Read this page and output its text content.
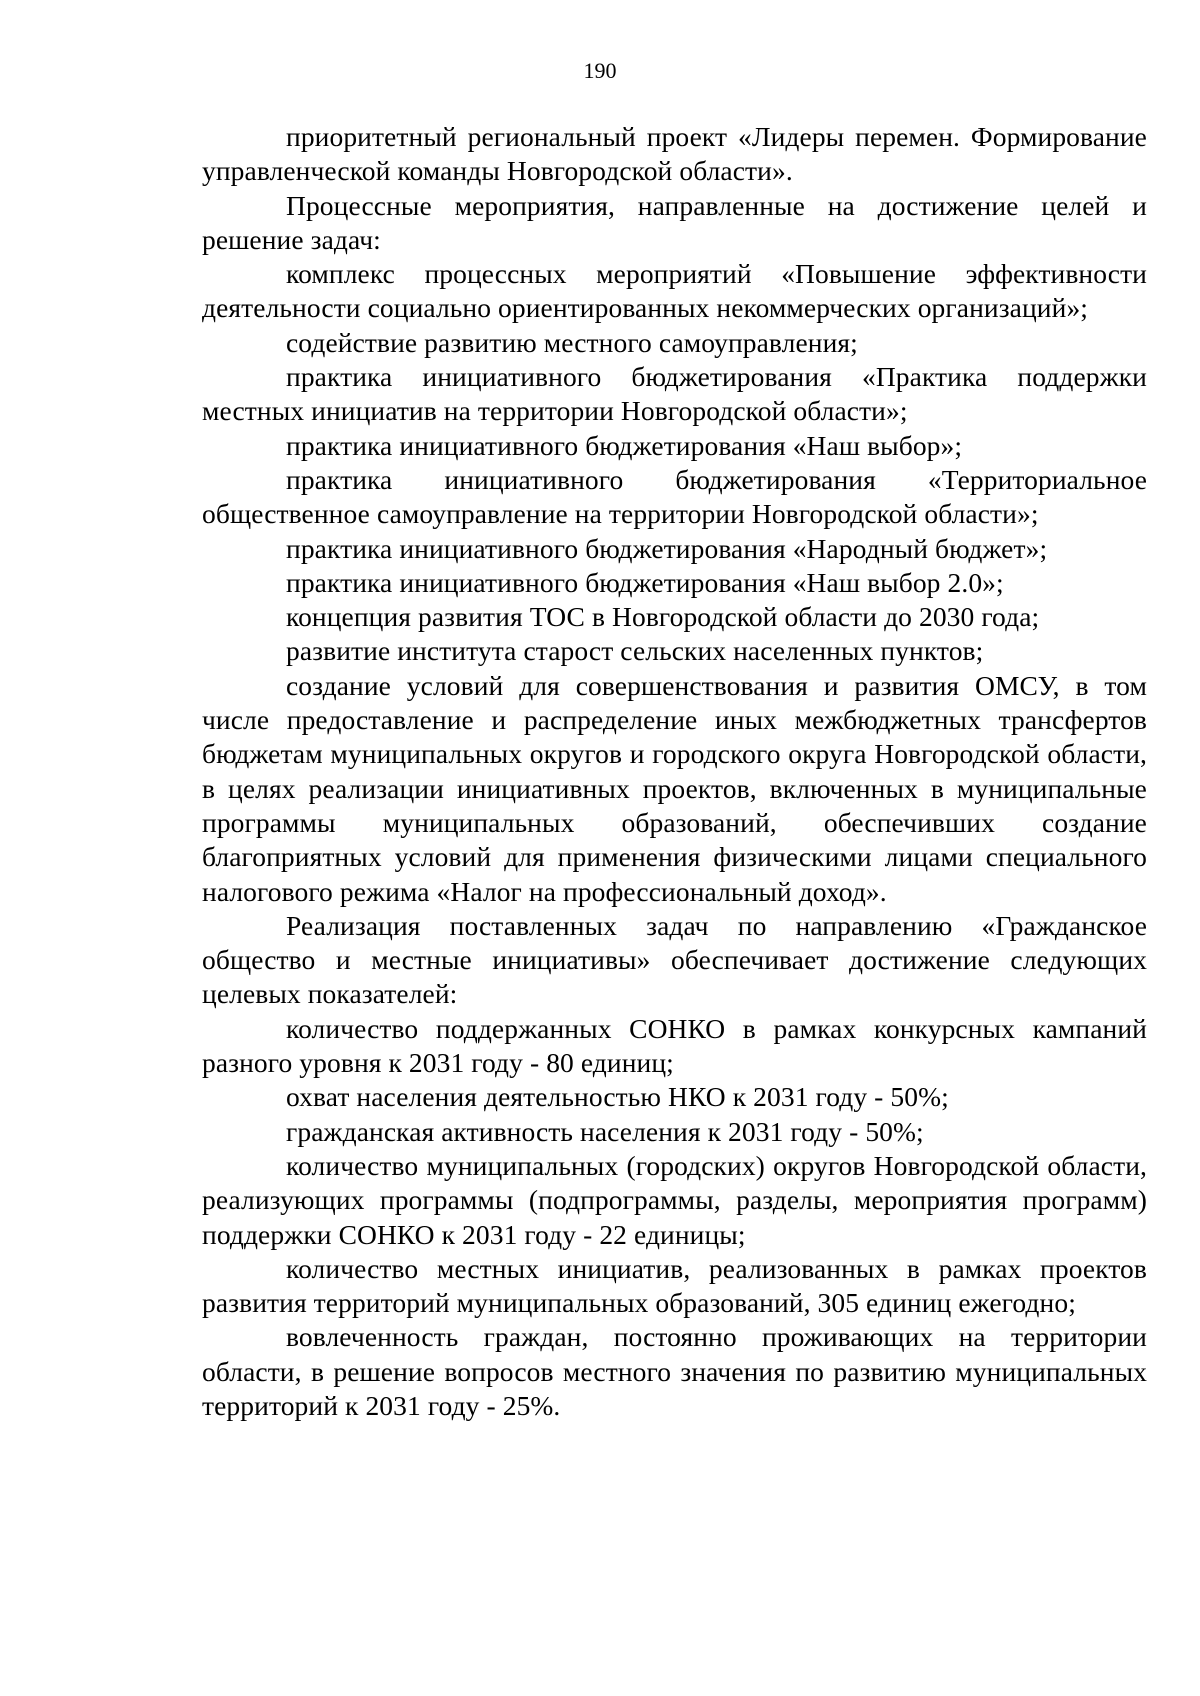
190

приоритетный региональный проект «Лидеры перемен. Формирование управленческой команды Новгородской области».

Процессные мероприятия, направленные на достижение целей и решение задач:

комплекс процессных мероприятий «Повышение эффективности деятельности социально ориентированных некоммерческих организаций»;

содействие развитию местного самоуправления;

практика инициативного бюджетирования «Практика поддержки местных инициатив на территории Новгородской области»;

практика инициативного бюджетирования «Наш выбор»;

практика инициативного бюджетирования «Территориальное общественное самоуправление на территории Новгородской области»;

практика инициативного бюджетирования «Народный бюджет»;

практика инициативного бюджетирования «Наш выбор 2.0»;

концепция развития ТОС в Новгородской области до 2030 года;

развитие института старост сельских населенных пунктов;

создание условий для совершенствования и развития ОМСУ, в том числе предоставление и распределение иных межбюджетных трансфертов бюджетам муниципальных округов и городского округа Новгородской области, в целях реализации инициативных проектов, включенных в муниципальные программы муниципальных образований, обеспечивших создание благоприятных условий для применения физическими лицами специального налогового режима «Налог на профессиональный доход».

Реализация поставленных задач по направлению «Гражданское общество и местные инициативы» обеспечивает достижение следующих целевых показателей:

количество поддержанных СОНКО в рамках конкурсных кампаний разного уровня к 2031 году - 80 единиц;

охват населения деятельностью НКО к 2031 году - 50%;

гражданская активность населения к 2031 году - 50%;

количество муниципальных (городских) округов Новгородской области, реализующих программы (подпрограммы, разделы, мероприятия программ) поддержки СОНКО к 2031 году - 22 единицы;

количество местных инициатив, реализованных в рамках проектов развития территорий муниципальных образований, 305 единиц ежегодно;

вовлеченность граждан, постоянно проживающих на территории области, в решение вопросов местного значения по развитию муниципальных территорий к 2031 году - 25%.
